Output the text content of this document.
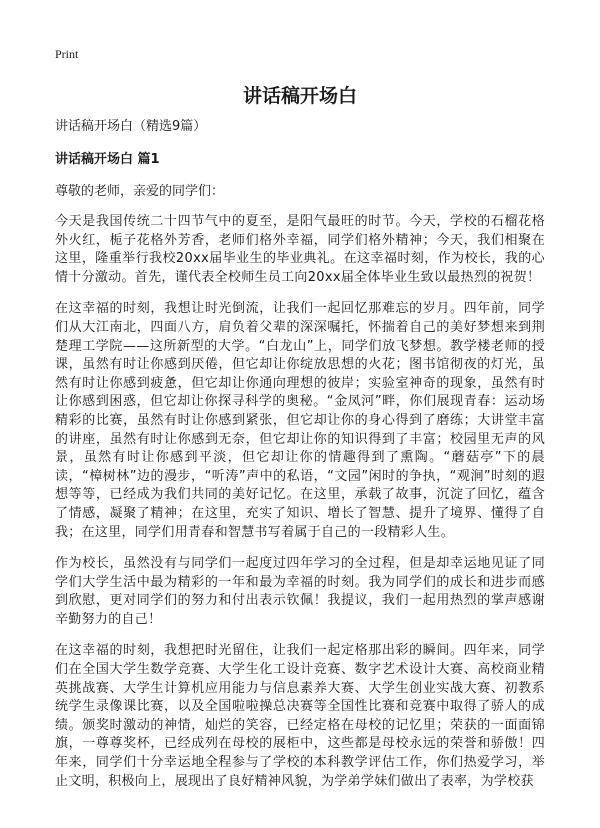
Print
讲话稿开场白
讲话稿开场白（精选9篇）
讲话稿开场白 篇1
尊敬的老师，亲爱的同学们：

今天是我国传统二十四节气中的夏至，是阳气最旺的时节。今天，学校的石榴花格外火红，栀子花格外芳香，老师们格外幸福，同学们格外精神；今天，我们相聚在这里，隆重举行我校20xx届毕业生的毕业典礼。在这幸福时刻，作为校长，我的心情十分激动。首先，谨代表全校师生员工向20xx届全体毕业生致以最热烈的祝贺！

在这幸福的时刻，我想让时光倒流，让我们一起回忆那难忘的岁月。四年前，同学们从大江南北，四面八方，肩负着父辈的深深嘱托，怀揣着自己的美好梦想来到荆楚理工学院——这所新型的大学。“白龙山”上，同学们放飞梦想。教学楼老师的授课，虽然有时让你感到厌倦，但它却让你绽放思想的火花；图书馆彻夜的灯光，虽然有时让你感到疲惫，但它却让你通向理想的彼岸；实验室神奇的现象，虽然有时让你感到困惑，但它却让你探寻科学的奥秘。“金凤河”畔，你们展现青春：运动场精彩的比赛，虽然有时让你感到紧张，但它却让你的身心得到了磨练；大讲堂丰富的讲座，虽然有时让你感到无奈，但它却让你的知识得到了丰富；校园里无声的风景，虽然有时让你感到平淡，但它却让你的情趣得到了熏陶。“蘑菇亭”下的晨读，“樟树林”边的漫步，“听涛”声中的私语，“文园”闲时的争执，“观涧”时刻的遐想等等，已经成为我们共同的美好记忆。在这里，承载了故事，沉淀了回忆，蕴含了情感，凝聚了精神；在这里，充实了知识、增长了智慧、提升了境界、懂得了自我；在这里，同学们用青春和智慧书写着属于自己的一段精彩人生。

作为校长，虽然没有与同学们一起度过四年学习的全过程，但是却幸运地见证了同学们大学生活中最为精彩的一年和最为幸福的时刻。我为同学们的成长和进步而感到欣慰，更对同学们的努力和付出表示钦佩！我提议，我们一起用热烈的掌声感谢辛勤努力的自己！

在这幸福的时刻，我想把时光留住，让我们一起定格那出彩的瞬间。四年来，同学们在全国大学生数学竞赛、大学生化工设计竞赛、数字艺术设计大赛、高校商业精英挑战赛、大学生计算机应用能力与信息素养大赛、大学生创业实战大赛、初教系统学生录像课比赛，以及全国啦啦操总决赛等全国性比赛和竞赛中取得了骄人的成绩。颁奖时激动的神情，灿烂的笑容，已经定格在母校的记忆里；荣获的一面面锦旗，一尊尊奖杯，已经成列在母校的展柜中，这些都是母校永远的荣誉和骄傲！四年来，同学们十分幸运地全程参与了学校的本科教学评估工作，你们热爱学习，举止文明，积极向上，展现出了良好精神风貌，为学弟学妹们做出了表率，为学校获
